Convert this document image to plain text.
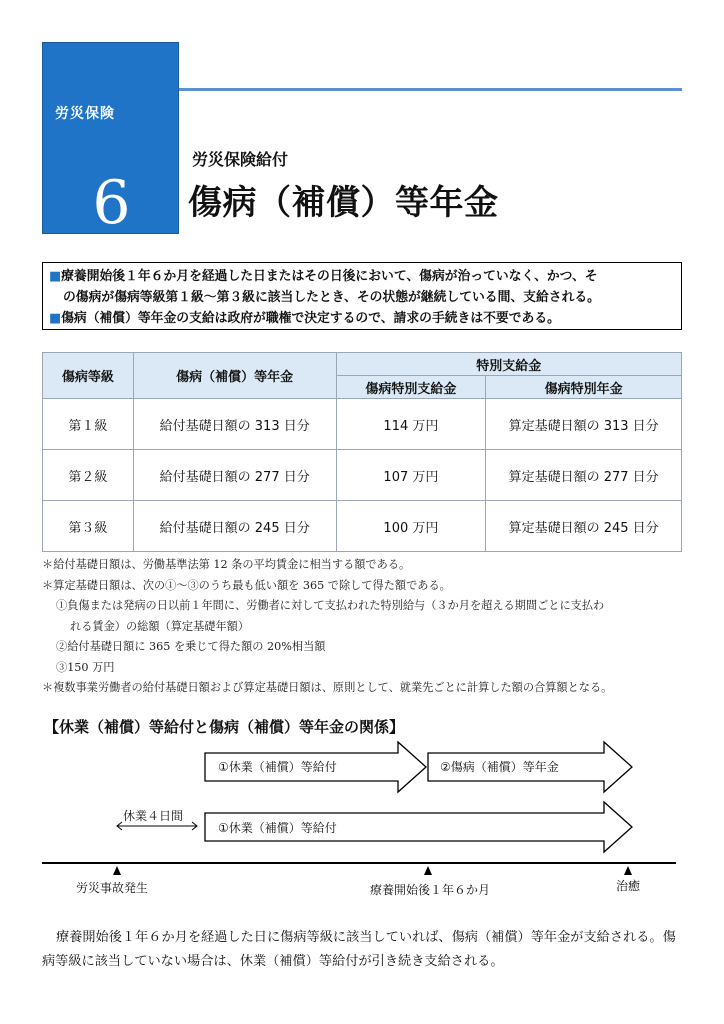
労災保険
6
労災保険給付
傷病（補償）等年金
■療養開始後１年６か月を経過した日またはその日後において、傷病が治っていなく、かつ、そ
の傷病が傷病等級第１級〜第３級に該当したとき、その状態が継続している間、支給される。
■傷病（補償）等年金の支給は政府が職権で決定するので、請求の手続きは不要である。
傷病等級	傷病（補償）等年金	特別支給金	
		傷病特別支給金	傷病特別年金
第１級	給付基礎日額の 313 日分	114 万円	算定基礎日額の 313 日分
第２級	給付基礎日額の 277 日分	107 万円	算定基礎日額の 277 日分
第３級	給付基礎日額の 245 日分	100 万円	算定基礎日額の 245 日分
＊給付基礎日額は、労働基準法第 12 条の平均賃金に相当する額である。
＊算定基礎日額は、次の①〜③のうち最も低い額を 365 で除して得た額である。
①負傷または発病の日以前１年間に、労働者に対して支払われた特別給与（３か月を超える期間ごとに支払わ
れる賃金）の総額（算定基礎年額）
②給付基礎日額に 365 を乗じて得た額の 20%相当額
③150 万円
＊複数事業労働者の給付基礎日額および算定基礎日額は、原則として、就業先ごとに計算した額の合算額となる。
【休業（補償）等給付と傷病（補償）等年金の関係】
①休業（補償）等給付	②傷病（補償）等年金
休業４日間
①休業（補償）等給付
労災事故発生	療養開始後１年６か月	治癒
療養開始後１年６か月を経過した日に傷病等級に該当していれば、傷病（補償）等年金が支給される。傷
病等級に該当していない場合は、休業（補償）等給付が引き続き支給される。
